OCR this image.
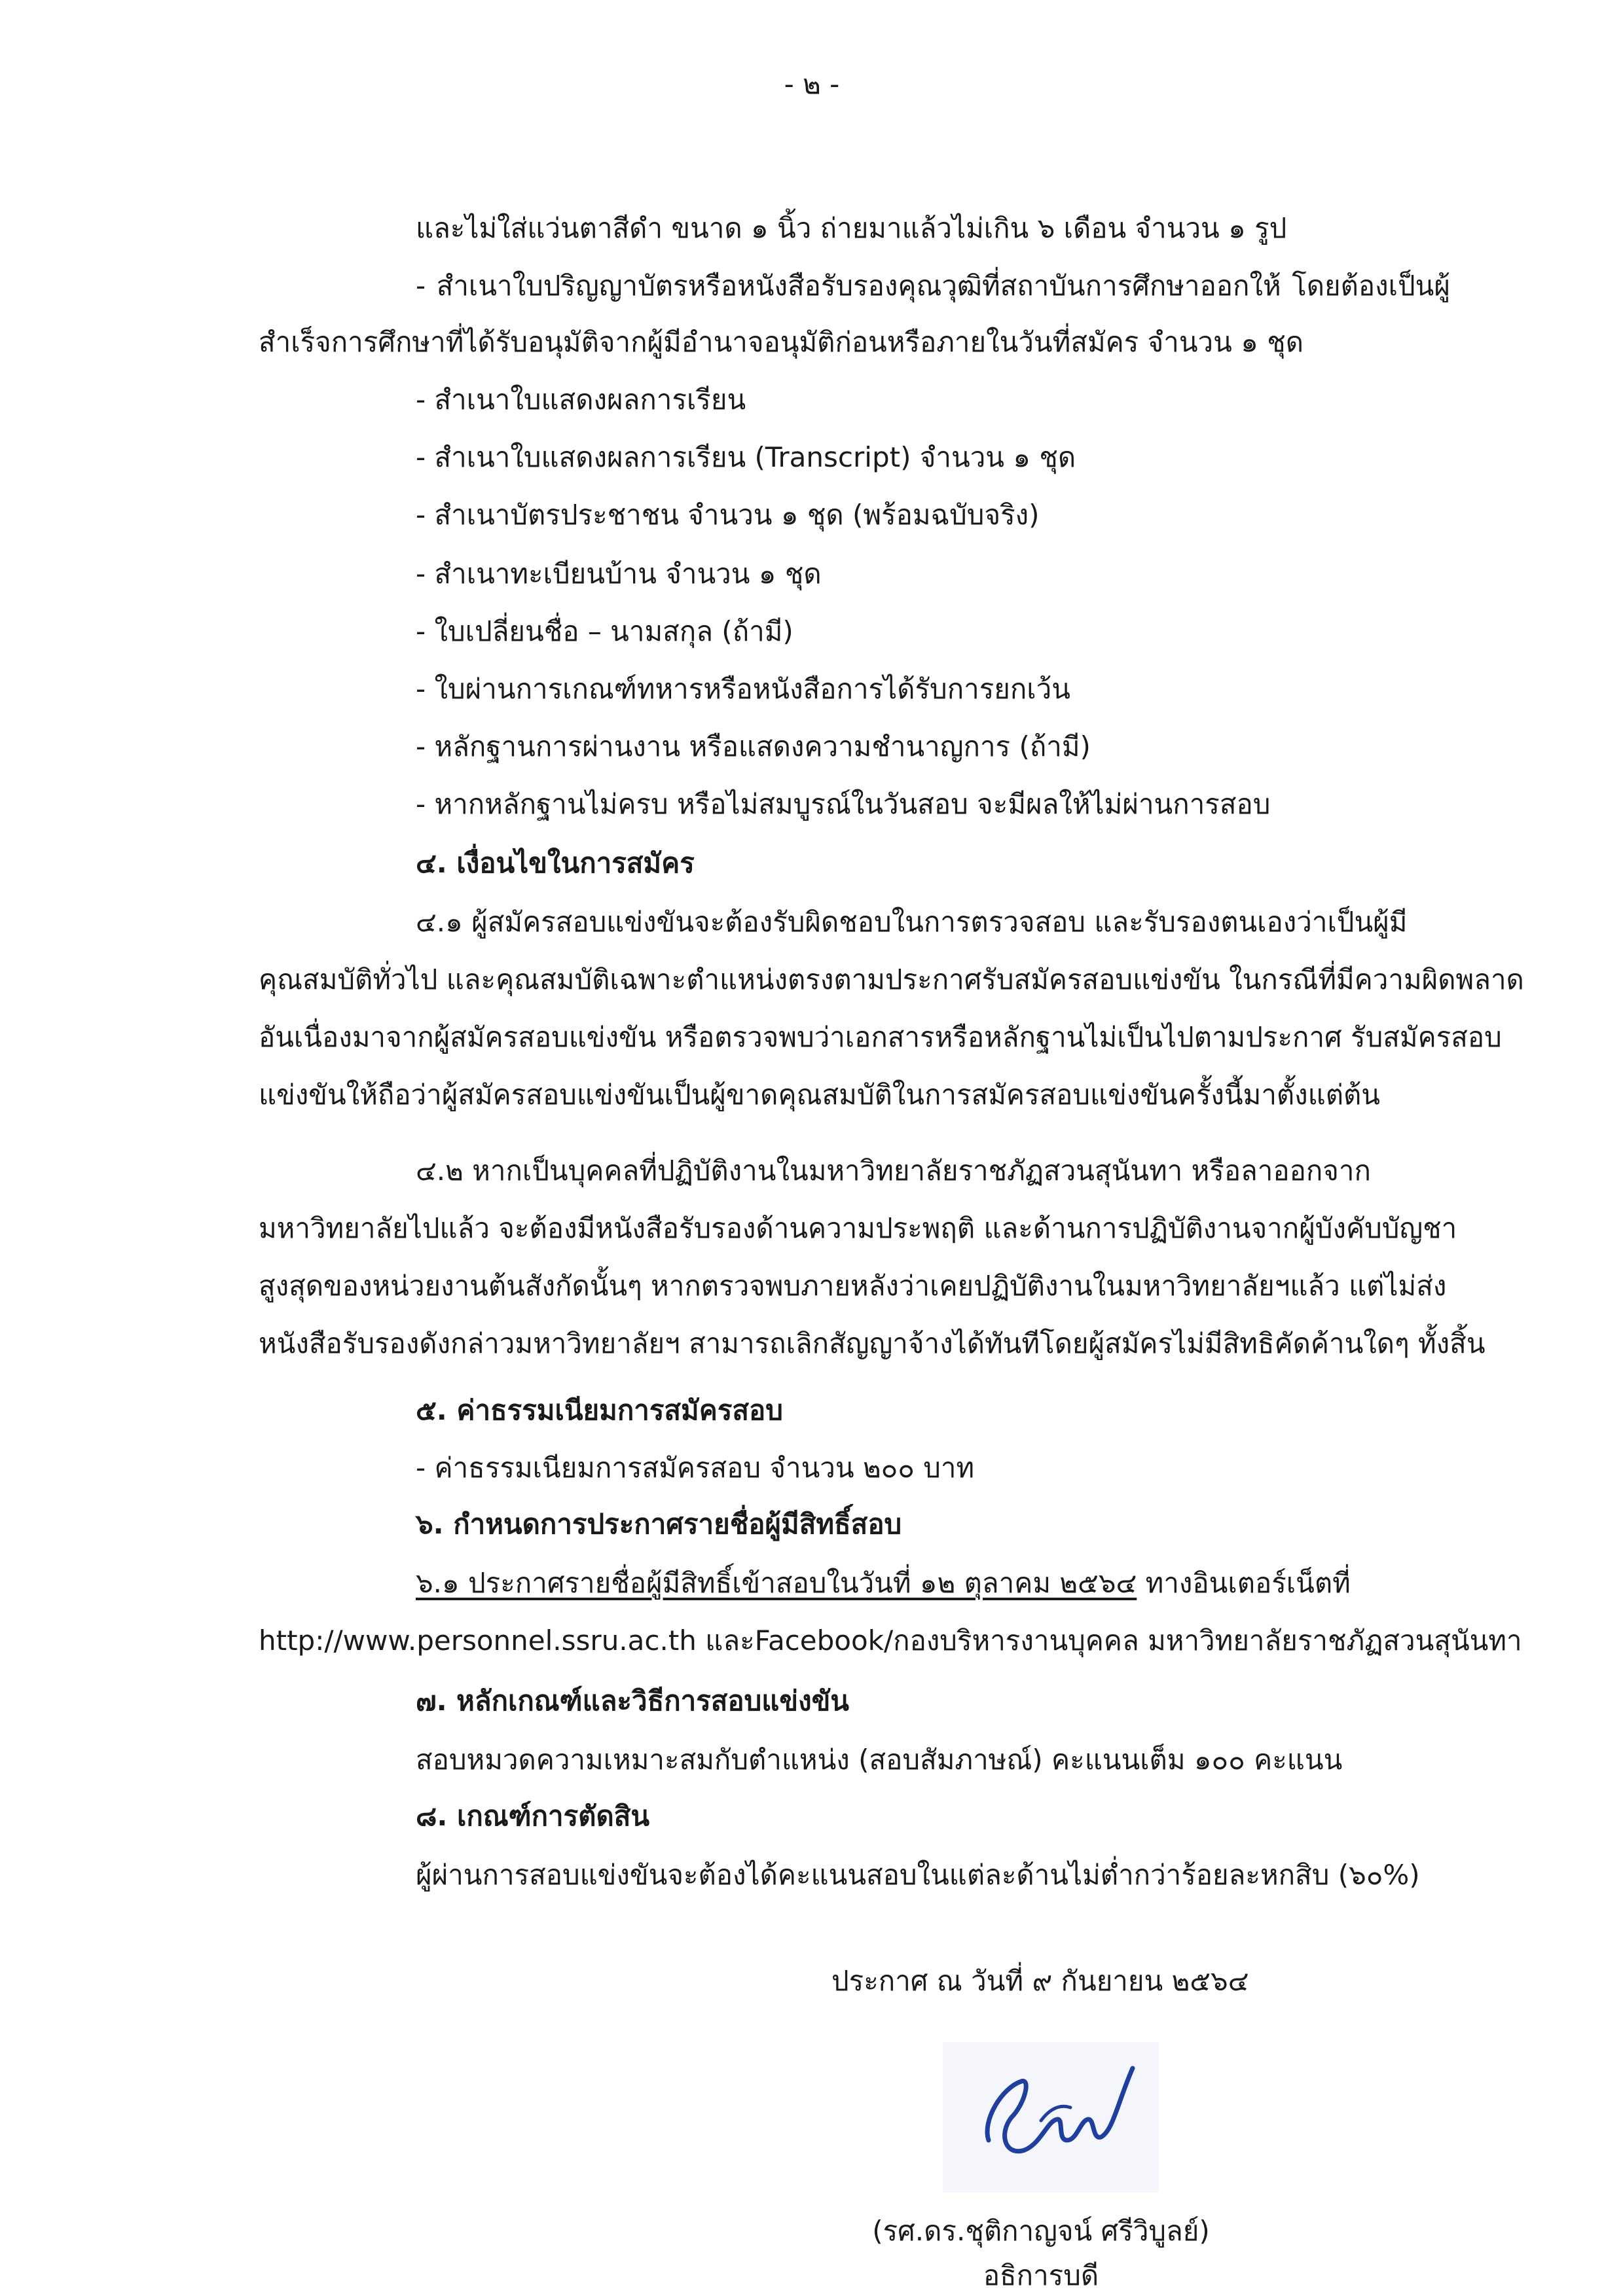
- ๒ -
และไม่ใส่แว่นตาสีดำ ขนาด ๑ นิ้ว ถ่ายมาแล้วไม่เกิน ๖ เดือน จำนวน ๑ รูป
- สำเนาใบปริญญาบัตรหรือหนังสือรับรองคุณวุฒิที่สถาบันการศึกษาออกให้ โดยต้องเป็นผู้
สำเร็จการศึกษาที่ได้รับอนุมัติจากผู้มีอำนาจอนุมัติก่อนหรือภายในวันที่สมัคร จำนวน ๑ ชุด
- สำเนาใบแสดงผลการเรียน
- สำเนาใบแสดงผลการเรียน (Transcript) จำนวน ๑ ชุด
- สำเนาบัตรประชาชน จำนวน ๑ ชุด (พร้อมฉบับจริง)
- สำเนาทะเบียนบ้าน จำนวน ๑ ชุด
- ใบเปลี่ยนชื่อ – นามสกุล (ถ้ามี)
- ใบผ่านการเกณฑ์ทหารหรือหนังสือการได้รับการยกเว้น
- หลักฐานการผ่านงาน หรือแสดงความชำนาญการ (ถ้ามี)
- หากหลักฐานไม่ครบ หรือไม่สมบูรณ์ในวันสอบ จะมีผลให้ไม่ผ่านการสอบ
๔. เงื่อนไขในการสมัคร
๔.๑ ผู้สมัครสอบแข่งขันจะต้องรับผิดชอบในการตรวจสอบ และรับรองตนเองว่าเป็นผู้มี
คุณสมบัติทั่วไป และคุณสมบัติเฉพาะตำแหน่งตรงตามประกาศรับสมัครสอบแข่งขัน ในกรณีที่มีความผิดพลาด
อันเนื่องมาจากผู้สมัครสอบแข่งขัน หรือตรวจพบว่าเอกสารหรือหลักฐานไม่เป็นไปตามประกาศ รับสมัครสอบ
แข่งขันให้ถือว่าผู้สมัครสอบแข่งขันเป็นผู้ขาดคุณสมบัติในการสมัครสอบแข่งขันครั้งนี้มาตั้งแต่ต้น
๔.๒ หากเป็นบุคคลที่ปฏิบัติงานในมหาวิทยาลัยราชภัฏสวนสุนันทา หรือลาออกจาก
มหาวิทยาลัยไปแล้ว จะต้องมีหนังสือรับรองด้านความประพฤติ และด้านการปฏิบัติงานจากผู้บังคับบัญชา
สูงสุดของหน่วยงานต้นสังกัดนั้นๆ หากตรวจพบภายหลังว่าเคยปฏิบัติงานในมหาวิทยาลัยฯแล้ว แต่ไม่ส่ง
หนังสือรับรองดังกล่าวมหาวิทยาลัยฯ สามารถเลิกสัญญาจ้างได้ทันทีโดยผู้สมัครไม่มีสิทธิคัดค้านใดๆ ทั้งสิ้น
๕. ค่าธรรมเนียมการสมัครสอบ
- ค่าธรรมเนียมการสมัครสอบ จำนวน ๒๐๐ บาท
๖. กำหนดการประกาศรายชื่อผู้มีสิทธิ์สอบ
๖.๑ ประกาศรายชื่อผู้มีสิทธิ์เข้าสอบในวันที่ ๑๒ ตุลาคม ๒๕๖๔ ทางอินเตอร์เน็ตที่
http://www.personnel.ssru.ac.th และFacebook/กองบริหารงานบุคคล มหาวิทยาลัยราชภัฏสวนสุนันทา
๗. หลักเกณฑ์และวิธีการสอบแข่งขัน
สอบหมวดความเหมาะสมกับตำแหน่ง (สอบสัมภาษณ์) คะแนนเต็ม ๑๐๐ คะแนน
๘. เกณฑ์การตัดสิน
ผู้ผ่านการสอบแข่งขันจะต้องได้คะแนนสอบในแต่ละด้านไม่ต่ำกว่าร้อยละหกสิบ (๖๐%)
ประกาศ ณ วันที่ ๙ กันยายน ๒๕๖๔
(รศ.ดร.ชุติกาญจน์ ศรีวิบูลย์)
อธิการบดี
